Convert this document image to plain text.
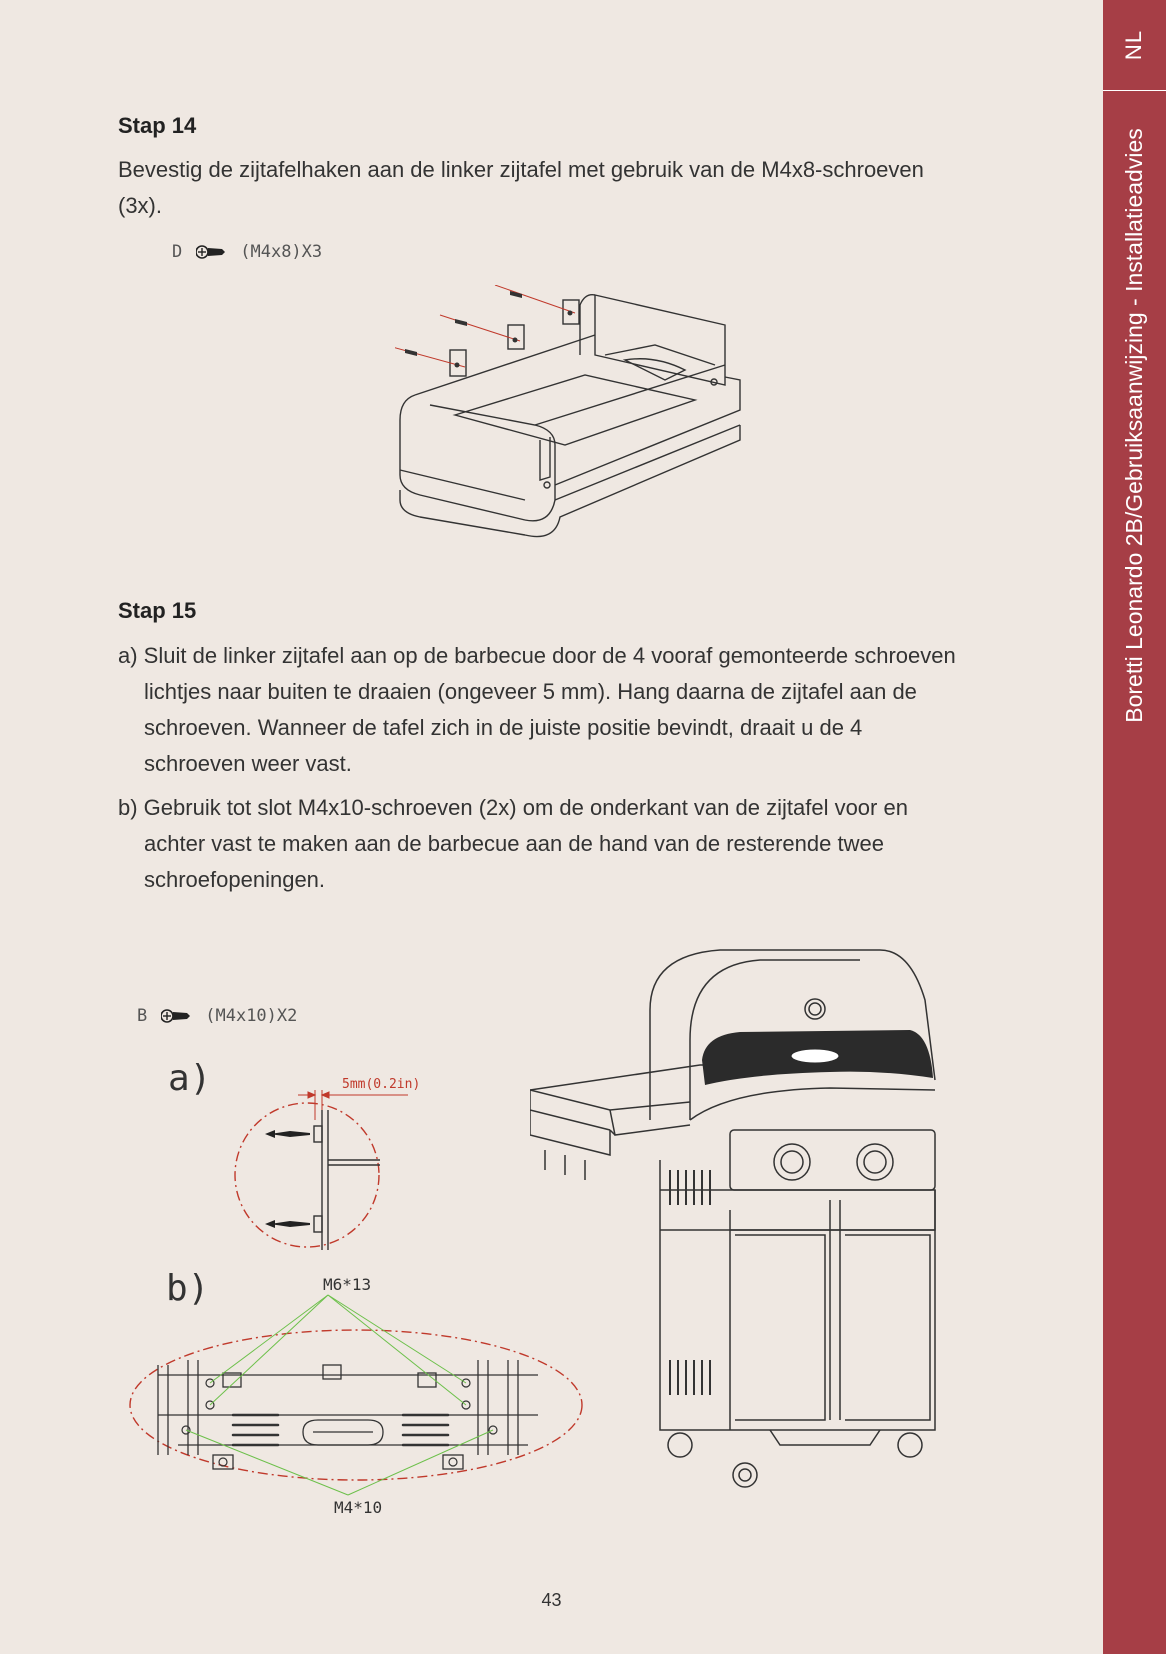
NL
Boretti Leonardo 2B/Gebruiksaanwijzing - Installatieadvies
Stap 14
Bevestig de zijtafelhaken aan de linker zijtafel met gebruik van de M4x8-schroeven (3x).
D	(M4x8)X3
Stap 15
a) Sluit de linker zijtafel aan op de barbecue door de 4 vooraf gemonteerde schroeven lichtjes naar buiten te draaien (ongeveer 5 mm). Hang daarna de zijtafel aan de schroeven. Wanneer de tafel zich in de juiste positie bevindt, draait u de 4 schroeven weer vast.
b) Gebruik tot slot M4x10-schroeven (2x) om de onderkant van de zijtafel voor en achter vast te maken aan de barbecue aan de hand van de resterende twee schroefopeningen.
B	(M4x10)X2
a)	5mm(0.2in)
b)	M6*13
M4*10
43
